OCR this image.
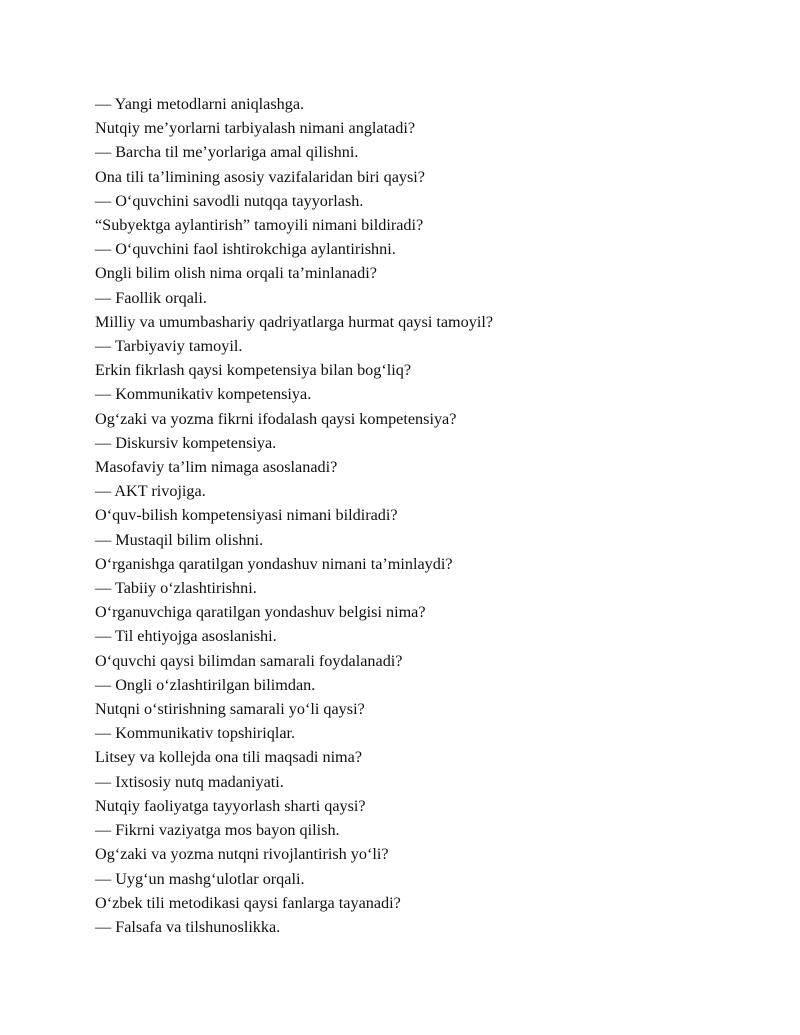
— Yangi metodlarni aniqlashga.

Nutqiy me’yorlarni tarbiyalash nimani anglatadi?

— Barcha til me’yorlariga amal qilishni.

Ona tili ta’limining asosiy vazifalaridan biri qaysi?

— O‘quvchini savodli nutqqa tayyorlash.

“Subyektga aylantirish” tamoyili nimani bildiradi?

— O‘quvchini faol ishtirokchiga aylantirishni.

Ongli bilim olish nima orqali ta’minlanadi?

— Faollik orqali.

Milliy va umumbashariy qadriyatlarga hurmat qaysi tamoyil?

— Tarbiyaviy tamoyil.

Erkin fikrlash qaysi kompetensiya bilan bog‘liq?

— Kommunikativ kompetensiya.

Og‘zaki va yozma fikrni ifodalash qaysi kompetensiya?

— Diskursiv kompetensiya.

Masofaviy ta’lim nimaga asoslanadi?

— AKT rivojiga.

O‘quv-bilish kompetensiyasi nimani bildiradi?

— Mustaqil bilim olishni.

O‘rganishga qaratilgan yondashuv nimani ta’minlaydi?

— Tabiiy o‘zlashtirishni.

O‘rganuvchiga qaratilgan yondashuv belgisi nima?

— Til ehtiyojga asoslanishi.

O‘quvchi qaysi bilimdan samarali foydalanadi?

— Ongli o‘zlashtirilgan bilimdan.

Nutqni o‘stirishning samarali yo‘li qaysi?

— Kommunikativ topshiriqlar.

Litsey va kollejda ona tili maqsadi nima?

— Ixtisosiy nutq madaniyati.

Nutqiy faoliyatga tayyorlash sharti qaysi?

— Fikrni vaziyatga mos bayon qilish.

Og‘zaki va yozma nutqni rivojlantirish yo‘li?

— Uyg‘un mashg‘ulotlar orqali.

O‘zbek tili metodikasi qaysi fanlarga tayanadi?

— Falsafa va tilshunoslikka.
